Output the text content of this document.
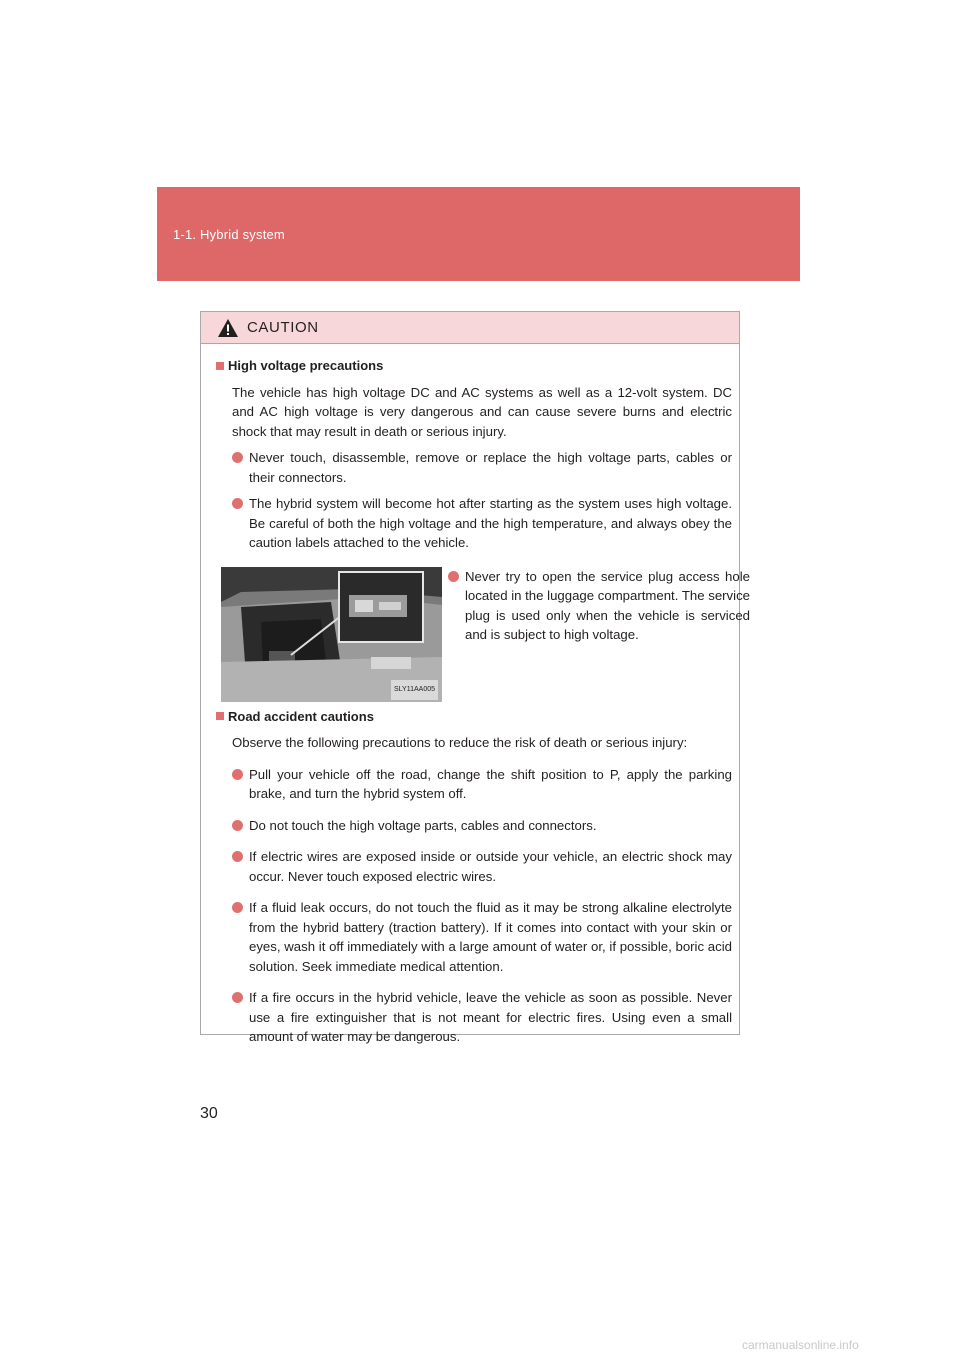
1-1. Hybrid system
CAUTION
High voltage precautions
The vehicle has high voltage DC and AC systems as well as a 12-volt system. DC and AC high voltage is very dangerous and can cause severe burns and electric shock that may result in death or serious injury.
Never touch, disassemble, remove or replace the high voltage parts, cables or their connectors.
The hybrid system will become hot after starting as the system uses high voltage. Be careful of both the high voltage and the high temperature, and always obey the caution labels attached to the vehicle.
SLY11AA005
Never try to open the service plug access hole located in the luggage compartment. The service plug is used only when the vehicle is serviced and is subject to high voltage.
Road accident cautions
Observe the following precautions to reduce the risk of death or serious injury:
Pull your vehicle off the road, change the shift position to P, apply the parking brake, and turn the hybrid system off.
Do not touch the high voltage parts, cables and connectors.
If electric wires are exposed inside or outside your vehicle, an electric shock may occur. Never touch exposed electric wires.
If a fluid leak occurs, do not touch the fluid as it may be strong alkaline electrolyte from the hybrid battery (traction battery). If it comes into contact with your skin or eyes, wash it off immediately with a large amount of water or, if possible, boric acid solution. Seek immediate medical attention.
If a fire occurs in the hybrid vehicle, leave the vehicle as soon as possible. Never use a fire extinguisher that is not meant for electric fires. Using even a small amount of water may be dangerous.
30
carmanualsonline.info
